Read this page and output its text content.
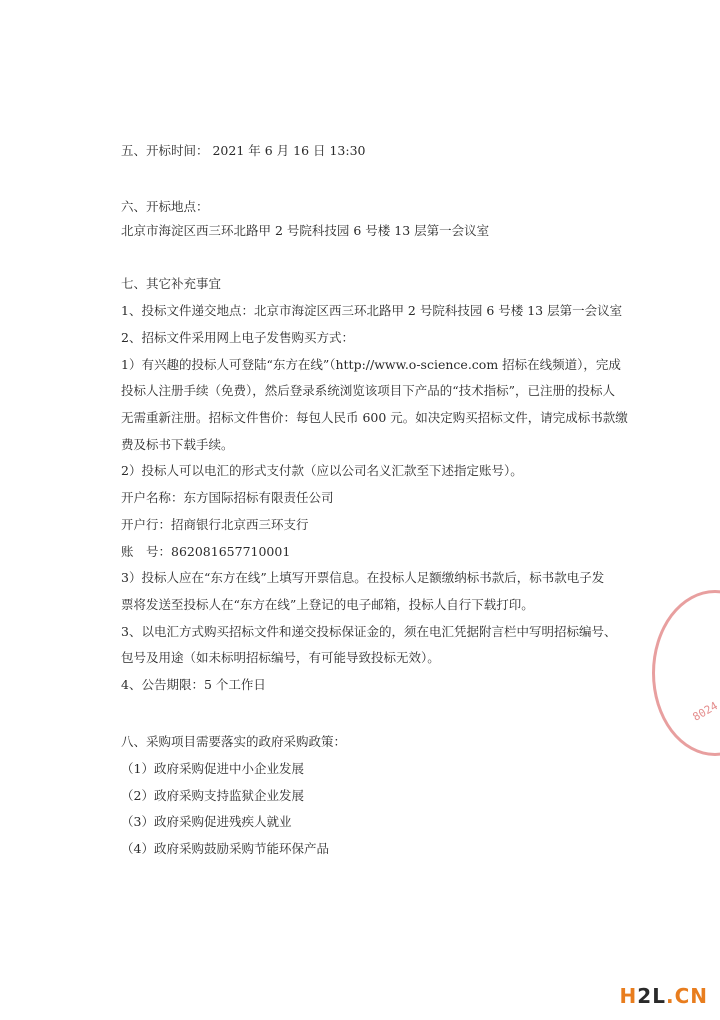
五、开标时间： 2021 年 6 月 16 日 13:30
六、开标地点：
北京市海淀区西三环北路甲 2 号院科技园 6 号楼 13 层第一会议室
七、其它补充事宜
1、投标文件递交地点：北京市海淀区西三环北路甲 2 号院科技园 6 号楼 13 层第一会议室
2、招标文件采用网上电子发售购买方式：
1）有兴趣的投标人可登陆“东方在线”（http://www.o-science.com 招标在线频道），完成
投标人注册手续（免费），然后登录系统浏览该项目下产品的“技术指标”，已注册的投标人
无需重新注册。招标文件售价：每包人民币 600 元。如决定购买招标文件，请完成标书款缴
费及标书下载手续。
2）投标人可以电汇的形式支付款（应以公司名义汇款至下述指定账号）。
开户名称：东方国际招标有限责任公司
开户行：招商银行北京西三环支行
账　号：862081657710001
3）投标人应在“东方在线”上填写开票信息。在投标人足额缴纳标书款后，标书款电子发
票将发送至投标人在“东方在线”上登记的电子邮箱，投标人自行下载打印。
3、以电汇方式购买招标文件和递交投标保证金的，须在电汇凭据附言栏中写明招标编号、
包号及用途（如未标明招标编号，有可能导致投标无效）。
4、公告期限：5 个工作日
八、采购项目需要落实的政府采购政策：
（1）政府采购促进中小企业发展
（2）政府采购支持监狱企业发展
（3）政府采购促进残疾人就业
（4）政府采购鼓励采购节能环保产品
8024
H2L.CN
